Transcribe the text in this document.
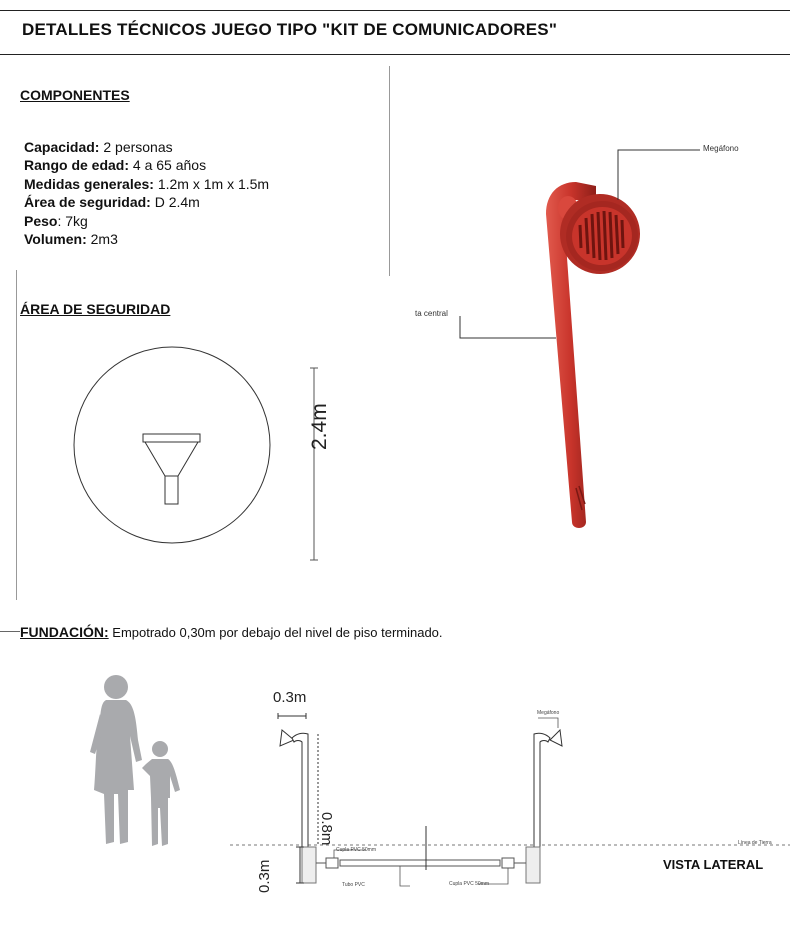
DETALLES TÉCNICOS JUEGO TIPO "KIT DE COMUNICADORES"
COMPONENTES
Capacidad: 2 personas
Rango de edad: 4 a 65 años
Medidas generales: 1.2m x 1m x 1.5m
Área de seguridad: D 2.4m
Peso: 7kg
Volumen: 2m3
ÁREA DE SEGURIDAD
2.4m
Megáfono
ta central
FUNDACIÓN: Empotrado 0,30m por debajo del nivel de piso terminado.
0.3m
0.8m
0.3m
Megáfono
Línea de Tierra
Cupla PVC 50mm
Tubo PVC	Cupla PVC 50mm
VISTA LATERAL
